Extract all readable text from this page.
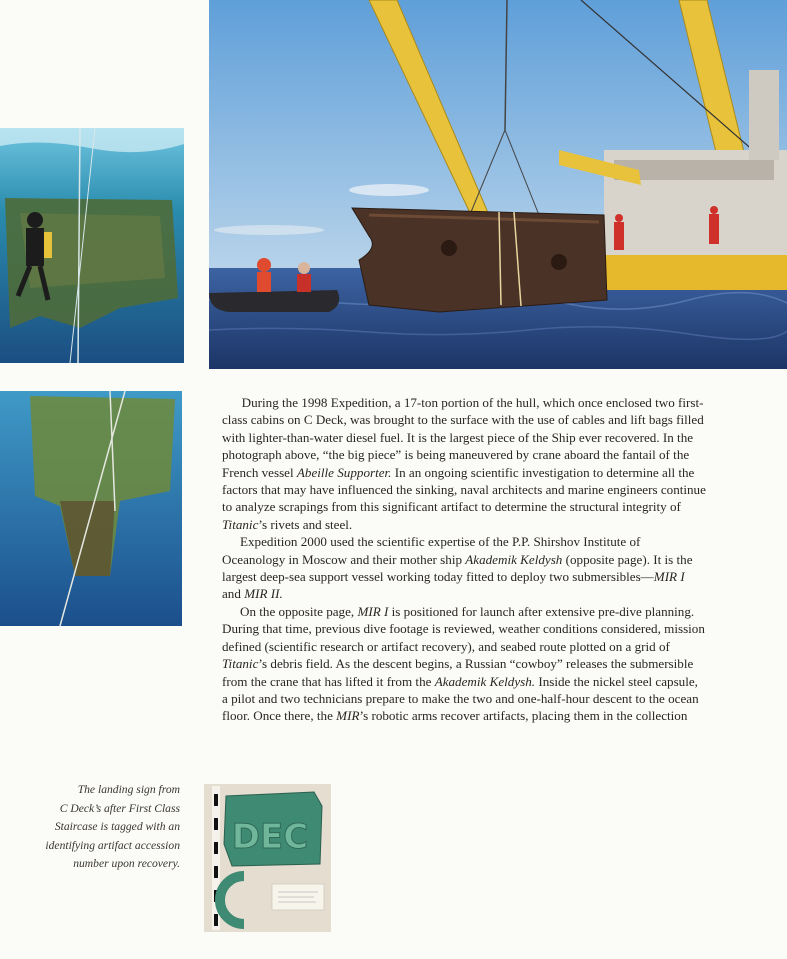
  During the 1998 Expedition, a 17-ton portion of the hull, which once enclosed two first-class cabins on C Deck, was brought to the surface with the use of cables and lift bags filled with lighter-than-water diesel fuel. It is the largest piece of the Ship ever recovered. In the photograph above, “the big piece” is being maneuvered by crane aboard the fantail of the French vessel Abeille Supporter. In an ongoing scientific investigation to determine all the factors that may have influenced the sinking, naval architects and marine engineers continue to analyze scrapings from this significant artifact to determine the structural integrity of Titanic’s rivets and steel.

Expedition 2000 used the scientific expertise of the P.P. Shirshov Institute of Oceanology in Moscow and their mother ship Akademik Keldysh (opposite page). It is the largest deep-sea support vessel working today fitted to deploy two submersibles—MIR I and MIR II.

On the opposite page, MIR I is positioned for launch after extensive pre-dive planning. During that time, previous dive footage is reviewed, weather conditions considered, mission defined (scientific research or artifact recovery), and seabed route plotted on a grid of Titanic’s debris field. As the descent begins, a Russian “cowboy” releases the submersible from the crane that has lifted it from the Akademik Keldysh. Inside the nickel steel capsule, a pilot and two technicians prepare to make the two and one-half-hour descent to the ocean floor. Once there, the MIR’s robotic arms recover artifacts, placing them in the collection

The landing sign from
C Deck’s after First Class
Staircase is tagged with an
identifying artifact accession
number upon recovery.
DEC
